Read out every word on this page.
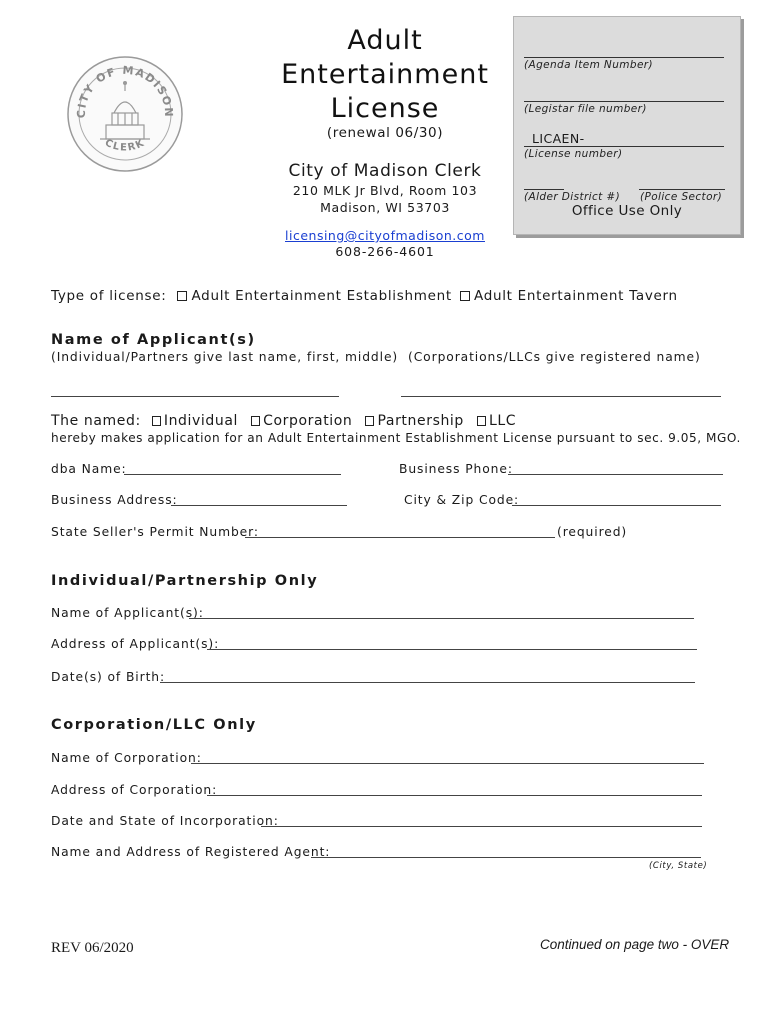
CITY OF MADISON
CLERK
Adult
Entertainment
License
(renewal 06/30)
City of Madison Clerk
210 MLK Jr Blvd, Room 103
Madison, WI 53703
licensing@cityofmadison.com
608-266-4601
(Agenda Item Number)
(Legistar file number)
LICAEN-
(License number)
(Alder District #) (Police Sector)
Office Use Only
Type of license: Adult Entertainment Establishment	Adult Entertainment Tavern
Name of Applicant(s)
(Individual/Partners give last name, first, middle) (Corporations/LLCs give registered name)
The named: Individual Corporation Partnership LLC
hereby makes application for an Adult Entertainment Establishment License pursuant to sec. 9.05, MGO.
dba Name:	Business Phone:
Business Address:	City & Zip Code:
State Seller's Permit Number:	(required)
Individual/Partnership Only
Name of Applicant(s):
Address of Applicant(s):
Date(s) of Birth:
Corporation/LLC Only
Name of Corporation:
Address of Corporation:
Date and State of Incorporation:
Name and Address of Registered Agent:
(City, State)
REV 06/2020	Continued on page two - OVER
